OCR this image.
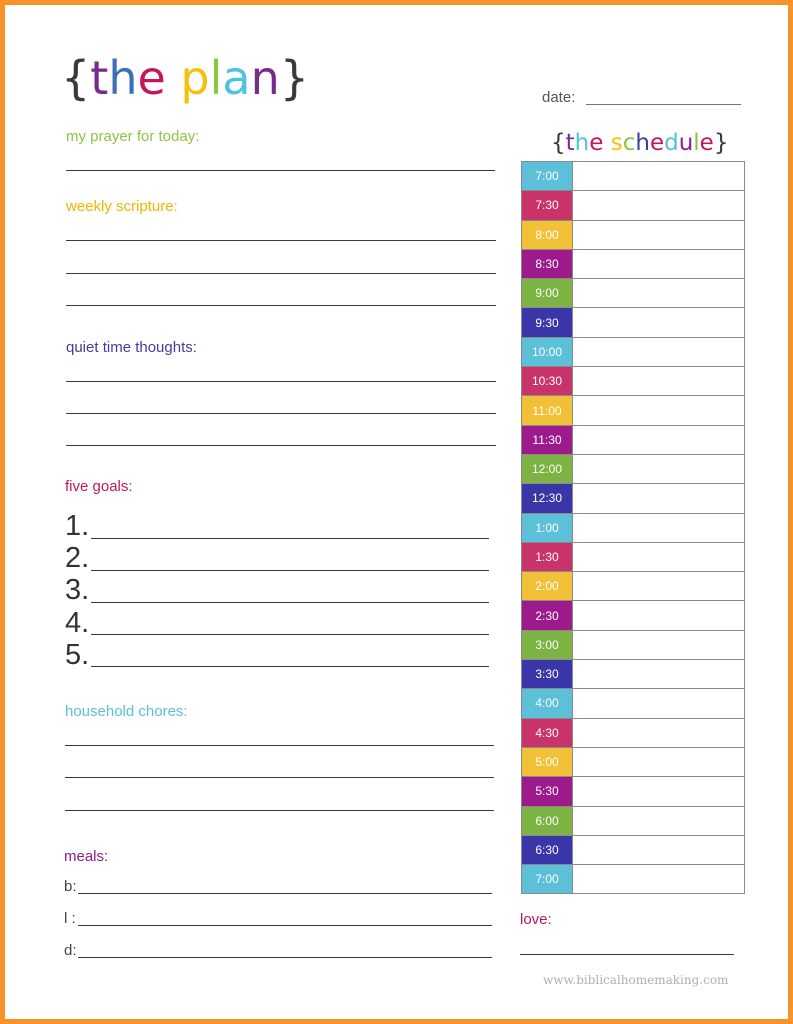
{the plan}	date:
my prayer for today:
weekly scripture:
quiet time thoughts:
five goals:
1.
2.
3.
4.
5.
household chores:
meals:
b:
l :
d:
{the schedule}
7:00
7:30
8:00
8:30
9:00
9:30
10:00
10:30
11:00
11:30
12:00
12:30
1:00
1:30
2:00
2:30
3:00
3:30
4:00
4:30
5:00
5:30
6:00
6:30
7:00
love:
www.biblicalhomemaking.com
